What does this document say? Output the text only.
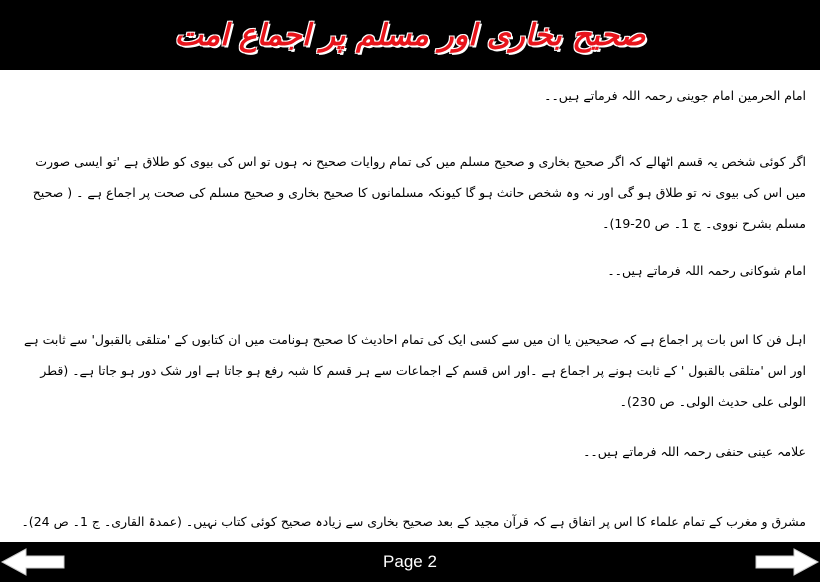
صحیح بخاری اور مسلم پر اجماع امت

امام الحرمین امام جوینی رحمہ اللہ فرماتے ہیں۔۔

اگر کوئی شخص یہ قسم اٹھالے کہ اگر صحیح بخاری و صحیح مسلم میں کی تمام روایات صحیح نہ ہوں تو اس کی بیوی کو طلاق ہے 'تو ایسی صورت میں اس کی بیوی نہ تو طلاق ہو گی اور نہ وہ شخص حانث ہو گا کیونکہ مسلمانوں کا صحیح بخاری و صحیح مسلم کی صحت پر اجماع ہے ۔ ( صحیح مسلم بشرح نووی۔ ج 1۔ ص 20-19)۔

امام شوکانی رحمہ اللہ فرماتے ہیں۔۔

اہل فن کا اس بات پر اجماع ہے کہ صحیحین یا ان میں سے کسی ایک کی تمام احادیث کا صحیح ہونامت میں ان کتابوں کے 'متلقی بالقبول' سے ثابت ہے اور اس 'متلقی بالقبول ' کے ثابت ہونے پر اجماع ہے ۔اور اس قسم کے اجماعات سے ہر قسم کا شبہ رفع ہو جاتا ہے اور شک دور ہو جاتا ہے۔ (قطر الولی علی حدیث الولی۔ ص 230)۔

علامہ عینی حنفی رحمہ اللہ فرماتے ہیں۔۔

مشرق و مغرب کے تمام علماء کا اس پر اتفاق ہے کہ قرآن مجید کے بعد صحیح بخاری سے زیادہ صحیح کوئی کتاب نہیں۔ (عمدۃ القاری۔ ج 1۔ ص 24)۔

Page 2
